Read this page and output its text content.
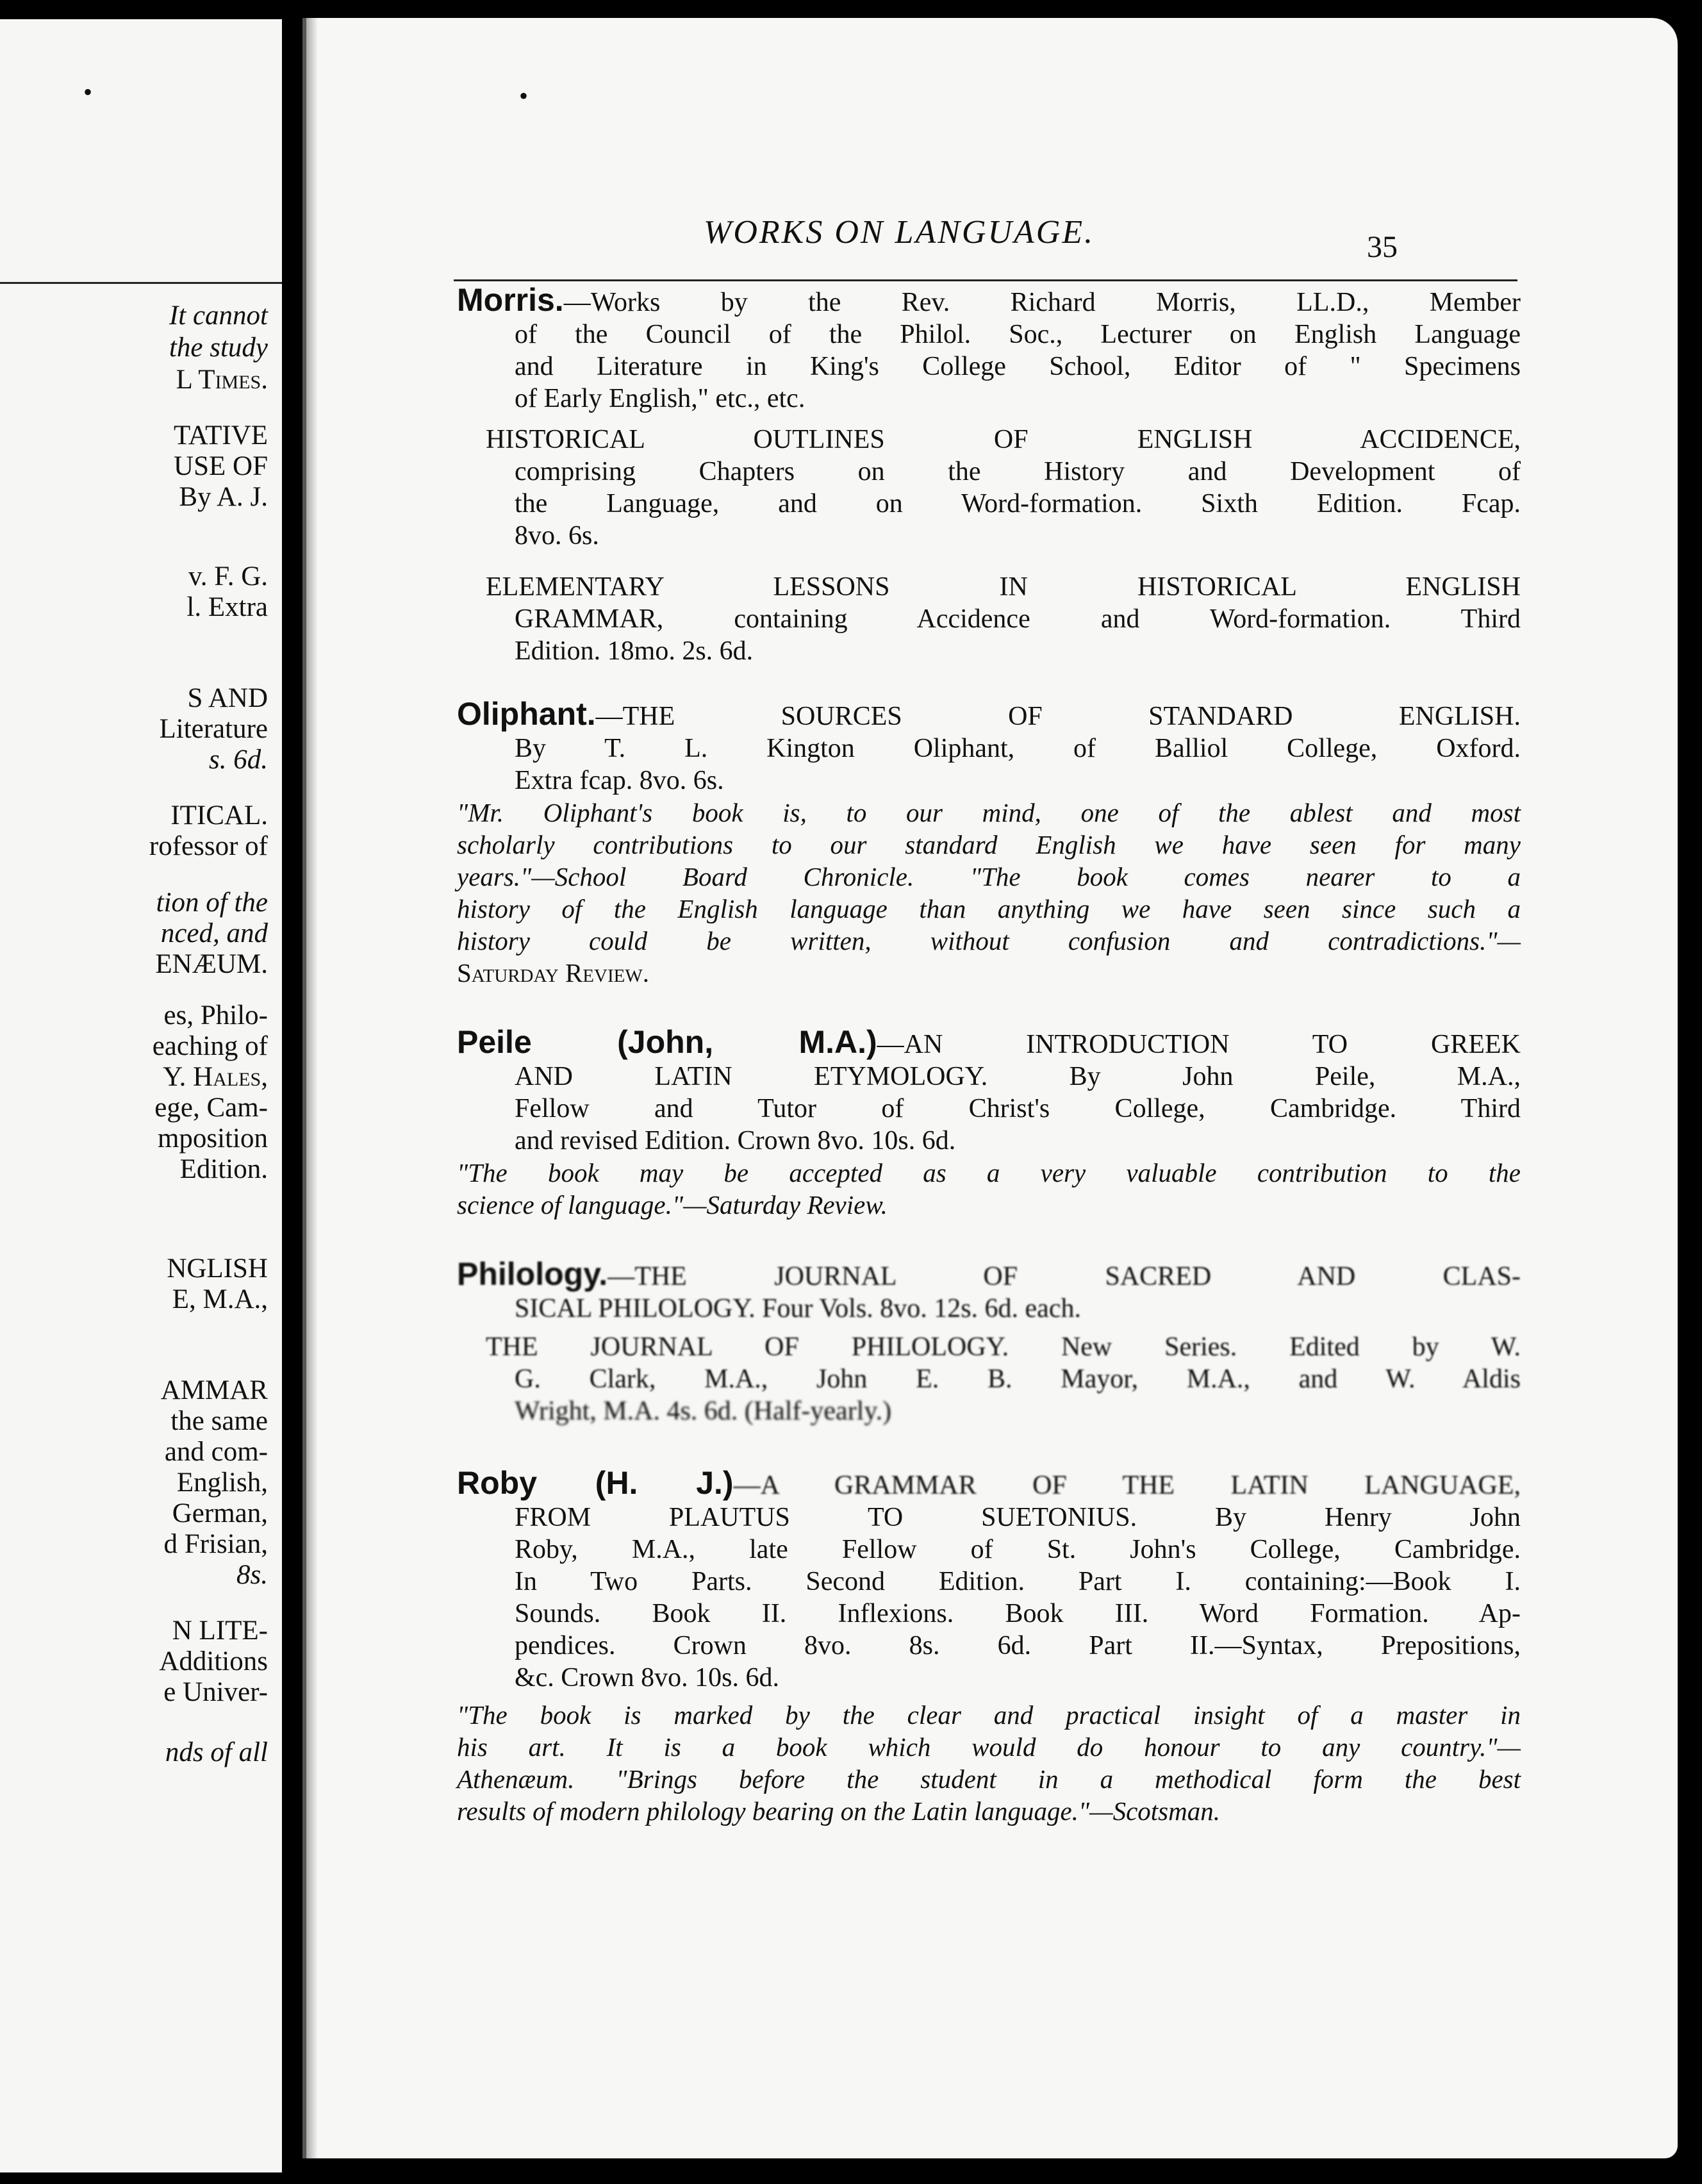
•
It cannot
the study
L Times.
TATIVE
USE OF
By A. J.
v. F. G.
l. Extra
S AND
Literature
s. 6d.
ITICAL.
rofessor of
tion of the
nced, and
ENÆUM.
es, Philo-
eaching of
Y. Hales,
ege, Cam-
mposition
Edition.
NGLISH
E, M.A.,
AMMAR
the same
and com-
English,
German,
d Frisian,
8s.
N LITE-
Additions
e Univer-
nds of all
•
WORKS ON LANGUAGE.	35
Morris.—Works by the Rev. Richard Morris, LL.D., Member
of the Council of the Philol. Soc., Lecturer on English Language
and Literature in King's College School, Editor of " Specimens
of Early English," etc., etc.
HISTORICAL OUTLINES OF ENGLISH ACCIDENCE,
comprising Chapters on the History and Development of
the Language, and on Word-formation. Sixth Edition. Fcap.
8vo. 6s.
ELEMENTARY LESSONS IN HISTORICAL ENGLISH
GRAMMAR, containing Accidence and Word-formation. Third
Edition. 18mo. 2s. 6d.
Oliphant.—THE SOURCES OF STANDARD ENGLISH.
By T. L. Kington Oliphant, of Balliol College, Oxford.
Extra fcap. 8vo. 6s.
"Mr. Oliphant's book is, to our mind, one of the ablest and most
scholarly contributions to our standard English we have seen for many
years."—School Board Chronicle. "The book comes nearer to a
history of the English language than anything we have seen since such a
history could be written, without confusion and contradictions."—
Saturday Review.
Peile (John, M.A.)—AN INTRODUCTION TO GREEK
AND LATIN ETYMOLOGY. By John Peile, M.A.,
Fellow and Tutor of Christ's College, Cambridge. Third
and revised Edition. Crown 8vo. 10s. 6d.
"The book may be accepted as a very valuable contribution to the
science of language."—Saturday Review.
Philology.—THE JOURNAL OF SACRED AND CLAS-
SICAL PHILOLOGY. Four Vols. 8vo. 12s. 6d. each.
THE JOURNAL OF PHILOLOGY. New Series. Edited by W.
G. Clark, M.A., John E. B. Mayor, M.A., and W. Aldis
Wright, M.A. 4s. 6d. (Half-yearly.)
Roby (H. J.)—A GRAMMAR OF THE LATIN LANGUAGE,
FROM PLAUTUS TO SUETONIUS. By Henry John
Roby, M.A., late Fellow of St. John's College, Cambridge.
In Two Parts. Second Edition. Part I. containing:—Book I.
Sounds. Book II. Inflexions. Book III. Word Formation. Ap-
pendices. Crown 8vo. 8s. 6d. Part II.—Syntax, Prepositions,
&c. Crown 8vo. 10s. 6d.
"The book is marked by the clear and practical insight of a master in
his art. It is a book which would do honour to any country."—
Athenæum. "Brings before the student in a methodical form the best
results of modern philology bearing on the Latin language."—Scotsman.
